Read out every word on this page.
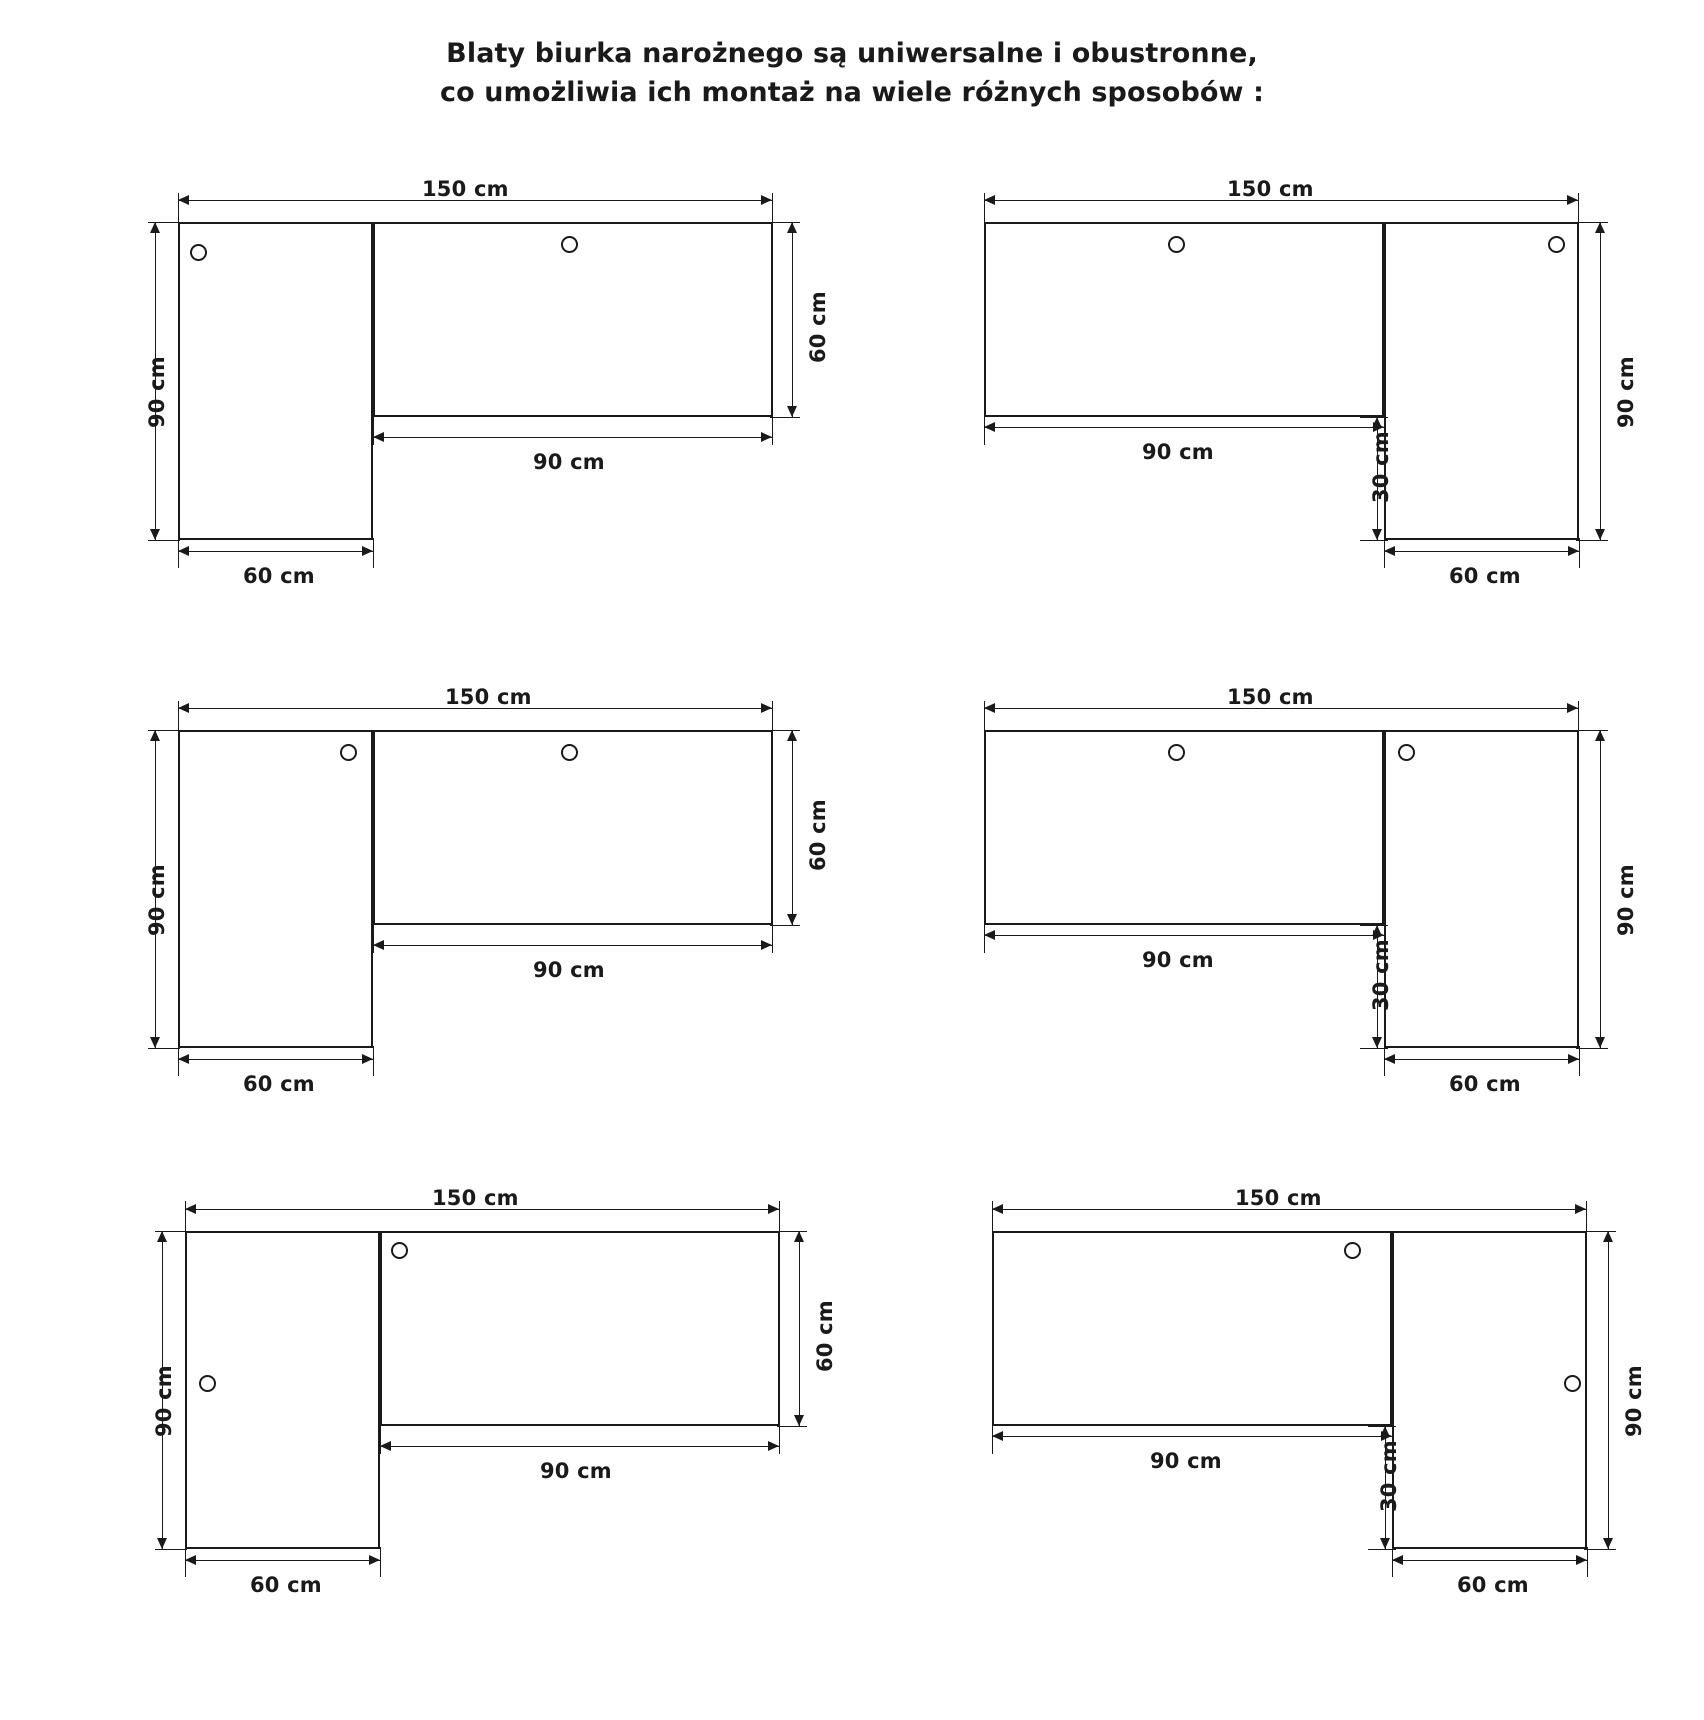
Blaty biurka narożnego są uniwersalne i obustronne,
co umożliwia ich montaż na wiele różnych sposobów :
150 cm
60 cm
90 cm
90 cm
60 cm
150 cm
90 cm
90 cm	30 cm
60 cm
150 cm
60 cm
90 cm
90 cm
60 cm
150 cm
90 cm
90 cm	30 cm
60 cm
150 cm
60 cm
90 cm
90 cm
60 cm
150 cm
90 cm
90 cm	30 cm
60 cm
